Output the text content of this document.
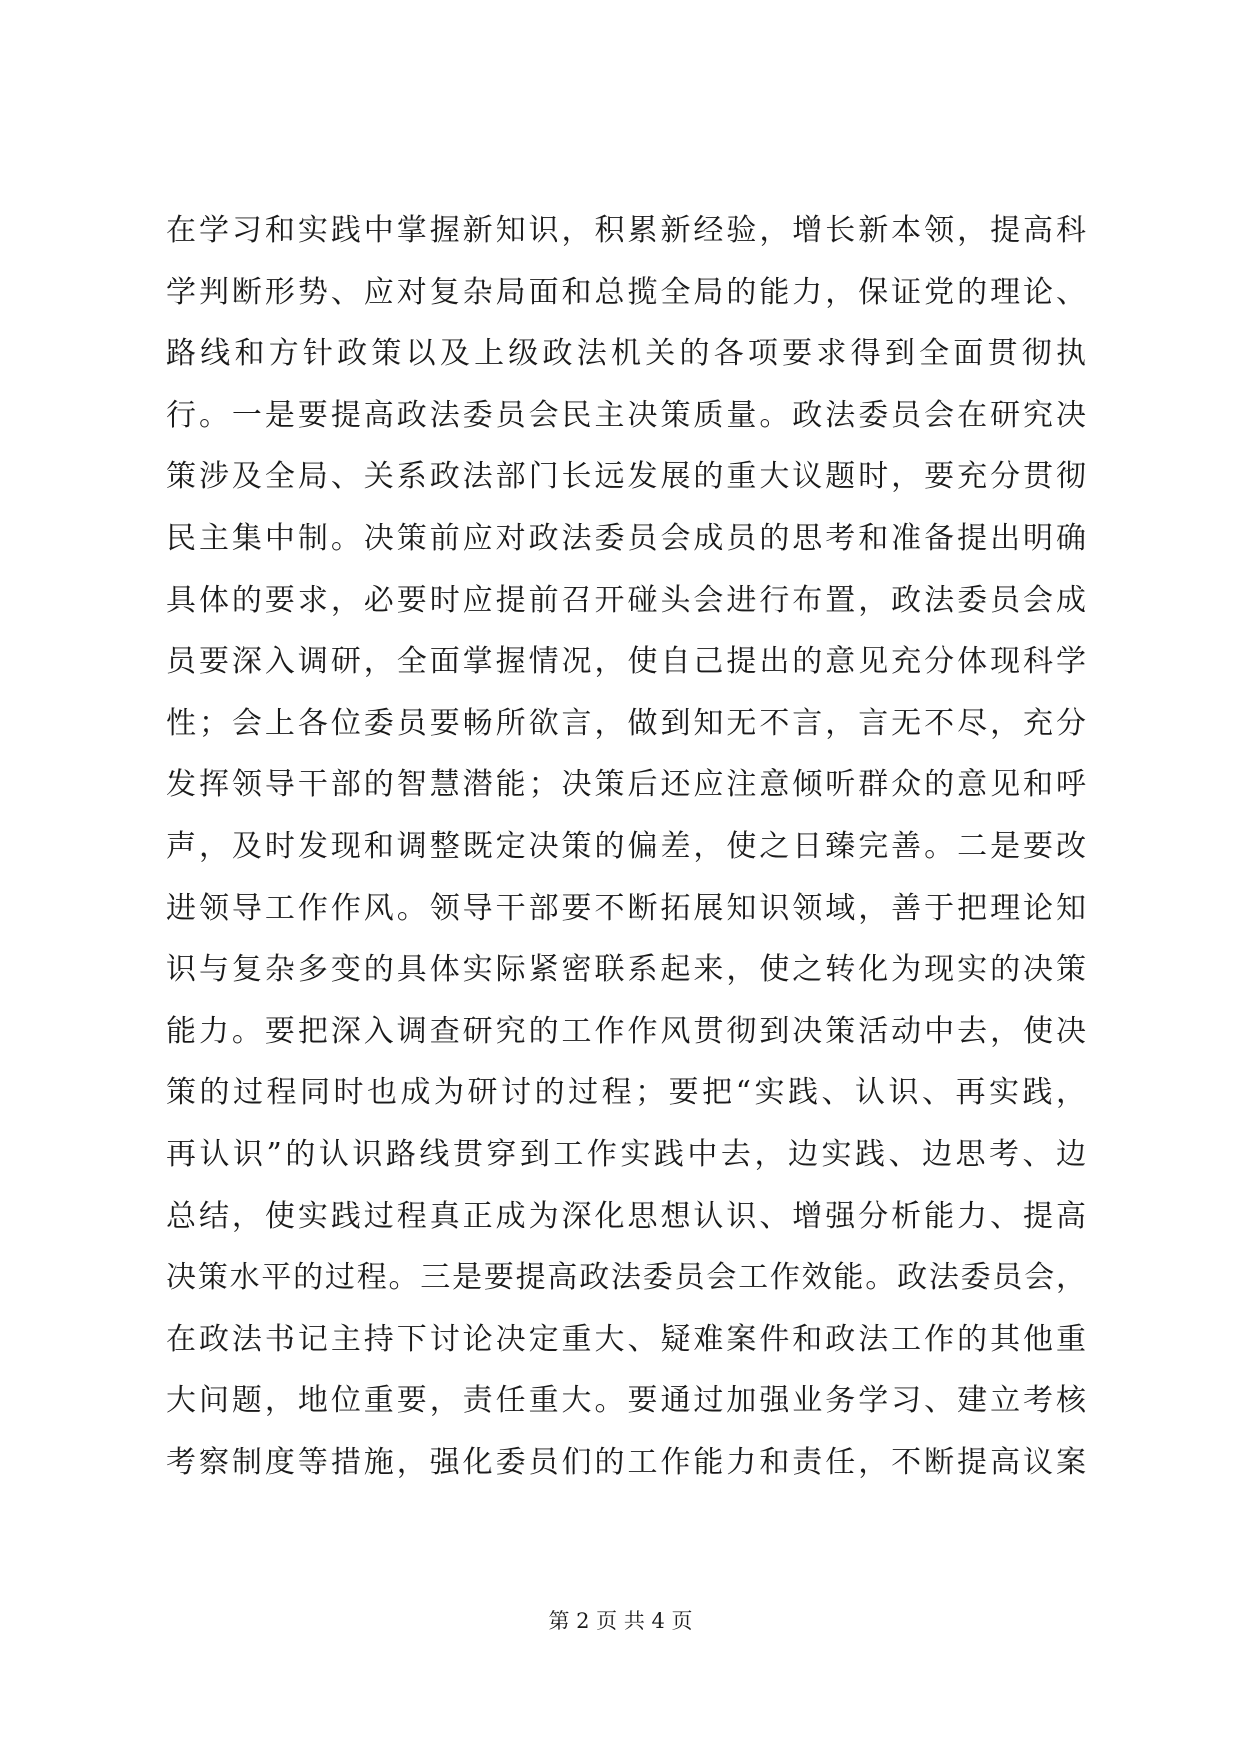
在学习和实践中掌握新知识，积累新经验，增长新本领，提高科
学判断形势、应对复杂局面和总揽全局的能力，保证党的理论、
路线和方针政策以及上级政法机关的各项要求得到全面贯彻执
行。一是要提高政法委员会民主决策质量。政法委员会在研究决
策涉及全局、关系政法部门长远发展的重大议题时，要充分贯彻
民主集中制。决策前应对政法委员会成员的思考和准备提出明确
具体的要求，必要时应提前召开碰头会进行布置，政法委员会成
员要深入调研，全面掌握情况，使自己提出的意见充分体现科学
性；会上各位委员要畅所欲言，做到知无不言，言无不尽，充分
发挥领导干部的智慧潜能；决策后还应注意倾听群众的意见和呼
声，及时发现和调整既定决策的偏差，使之日臻完善。二是要改
进领导工作作风。领导干部要不断拓展知识领域，善于把理论知
识与复杂多变的具体实际紧密联系起来，使之转化为现实的决策
能力。要把深入调查研究的工作作风贯彻到决策活动中去，使决
策的过程同时也成为研讨的过程；要把“实践、认识、再实践，
再认识”的认识路线贯穿到工作实践中去，边实践、边思考、边
总结，使实践过程真正成为深化思想认识、增强分析能力、提高
决策水平的过程。三是要提高政法委员会工作效能。政法委员会，
在政法书记主持下讨论决定重大、疑难案件和政法工作的其他重
大问题，地位重要，责任重大。要通过加强业务学习、建立考核
考察制度等措施，强化委员们的工作能力和责任，不断提高议案
第 2 页 共 4 页
